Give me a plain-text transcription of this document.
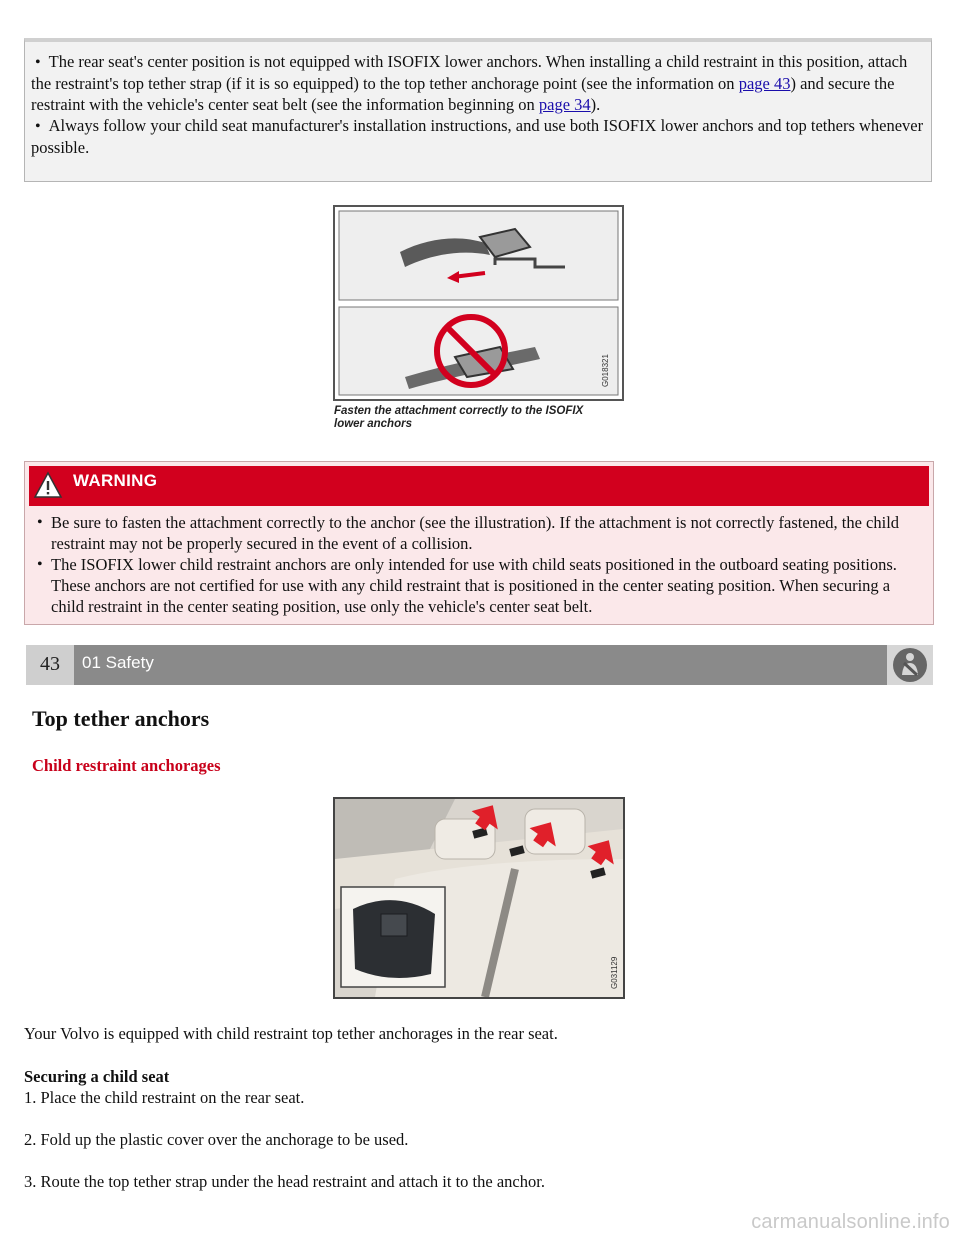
• The rear seat's center position is not equipped with ISOFIX lower anchors. When installing a child restraint in this position, attach the restraint's top tether strap (if it is so equipped) to the top tether anchorage point (see the information on page 43) and secure the restraint with the vehicle's center seat belt (see the information beginning on page 34).
• Always follow your child seat manufacturer's installation instructions, and use both ISOFIX lower anchors and top tethers whenever possible.
G018321
Fasten the attachment correctly to the ISOFIX
lower anchors
WARNING
• Be sure to fasten the attachment correctly to the anchor (see the illustration). If the attachment is not correctly fastened, the child restraint may not be properly secured in the event of a collision.
• The ISOFIX lower child restraint anchors are only intended for use with child seats positioned in the outboard seating positions. These anchors are not certified for use with any child restraint that is positioned in the center seating position. When securing a child restraint in the center seating position, use only the vehicle's center seat belt.
43	01 Safety
Top tether anchors
Child restraint anchorages
G031129
Your Volvo is equipped with child restraint top tether anchorages in the rear seat.
Securing a child seat
1. Place the child restraint on the rear seat.
2. Fold up the plastic cover over the anchorage to be used.
3. Route the top tether strap under the head restraint and attach it to the anchor.
carmanualsonline.info
